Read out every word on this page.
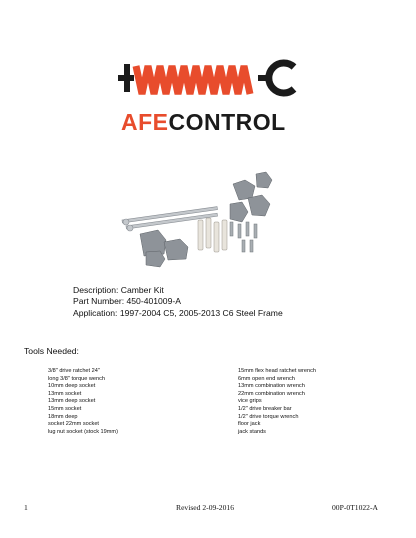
AFECONTROL
Description: Camber Kit
Part Number: 450-401009-A
Application: 1997-2004 C5, 2005-2013 C6 Steel Frame
Tools Needed:
3/8" drive ratchet 24"
long 3/8" torque wench
10mm deep socket
13mm socket
13mm deep socket
15mm socket
18mm deep
socket 22mm socket
lug nut socket (stock 19mm)
15mm flex head ratchet wrench
6mm open end wrench
13mm combination wrench
22mm combination wrench
vice grips
1/2" drive breaker bar
1/2" drive torque wrench
floor jack
jack stands
1	Revised 2-09-2016	00P-0T1022-A
